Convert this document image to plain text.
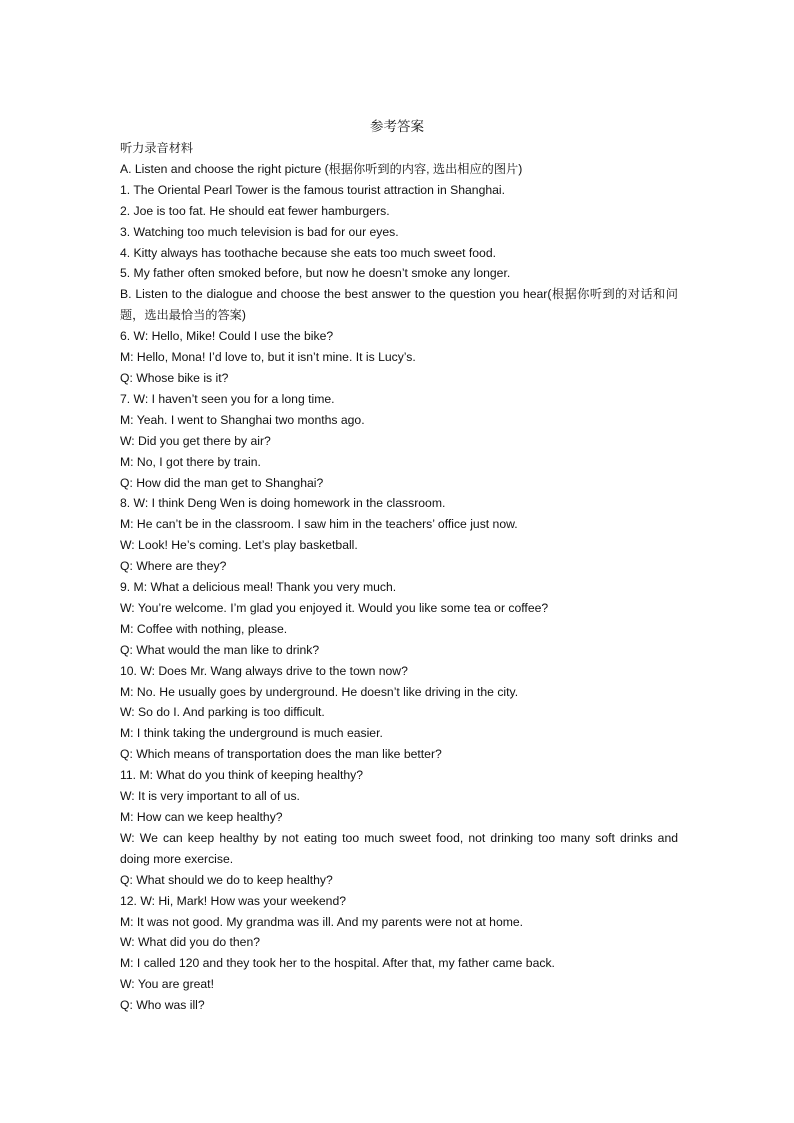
参考答案
听力录音材料
A. Listen and choose the right picture (根据你听到的内容, 选出相应的图片)
1. The Oriental Pearl Tower is the famous tourist attraction in Shanghai.
2. Joe is too fat. He should eat fewer hamburgers.
3. Watching too much television is bad for our eyes.
4. Kitty always has toothache because she eats too much sweet food.
5. My father often smoked before, but now he doesn’t smoke any longer.
B. Listen to the dialogue and choose the best answer to the question you hear(根据你听到的对话和问题，选出最恰当的答案)
6. W: Hello, Mike! Could I use the bike?
M: Hello, Mona! I’d love to, but it isn’t mine. It is Lucy’s.
Q: Whose bike is it?
7. W: I haven’t seen you for a long time.
M: Yeah. I went to Shanghai two months ago.
W: Did you get there by air?
M: No, I got there by train.
Q: How did the man get to Shanghai?
8. W: I think Deng Wen is doing homework in the classroom.
M: He can’t be in the classroom. I saw him in the teachers’ office just now.
W: Look! He’s coming. Let’s play basketball.
Q: Where are they?
9. M: What a delicious meal! Thank you very much.
W: You’re welcome. I’m glad you enjoyed it. Would you like some tea or coffee?
M: Coffee with nothing, please.
Q: What would the man like to drink?
10. W: Does Mr. Wang always drive to the town now?
M: No. He usually goes by underground. He doesn’t like driving in the city.
W: So do I. And parking is too difficult.
M: I think taking the underground is much easier.
Q: Which means of transportation does the man like better?
11. M: What do you think of keeping healthy?
W: It is very important to all of us.
M: How can we keep healthy?
W: We can keep healthy by not eating too much sweet food, not drinking too many soft drinks and doing more exercise.
Q: What should we do to keep healthy?
12. W: Hi, Mark! How was your weekend?
M: It was not good. My grandma was ill. And my parents were not at home.
W: What did you do then?
M: I called 120 and they took her to the hospital. After that, my father came back.
W: You are great!
Q: Who was ill?
